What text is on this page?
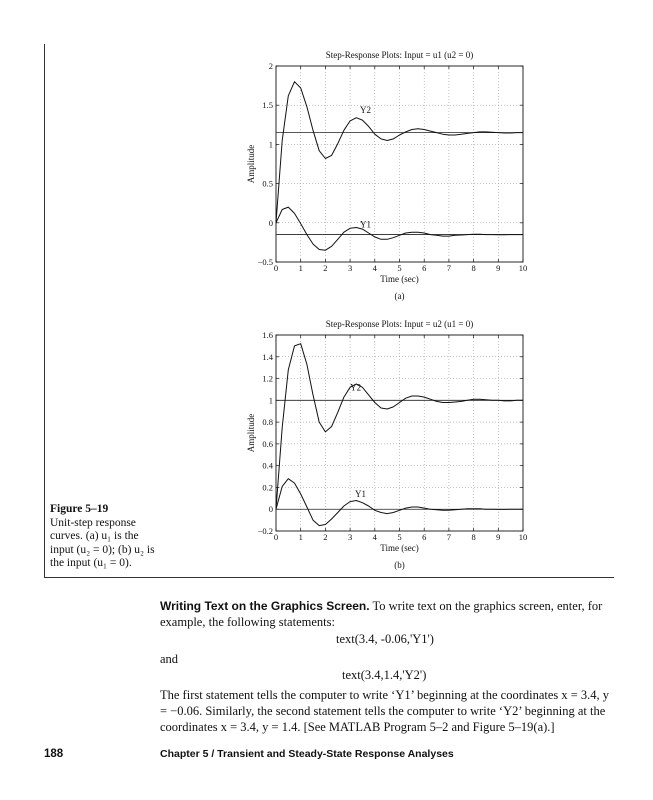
Figure 5–19
Unit-step response curves. (a) u₁ is the input (u₂ = 0); (b) u₂ is the input (u₁ = 0).
Step-Response Plots: Input = u1 (u2 = 0)
0 1 2 3 4 5 6 7 8 9 10
−0.5
0
0.5
1
1.5
2
Time (sec)
Amplitude
(a)
Y2
Y1
Step-Response Plots: Input = u2 (u1 = 0)
0 1 2 3 4 5 6 7 8 9 10
−0.2
0
0.2
0.4
0.6
0.8
1
1.2
1.4
1.6
Time (sec)
Amplitude
(b)
Y2
Y1
Writing Text on the Graphics Screen. To write text on the graphics screen, enter, for example, the following statements:
text(3.4, -0.06,'Y1')
and
text(3.4,1.4,'Y2')
The first statement tells the computer to write ‘Y1’ beginning at the coordinates x = 3.4, y = −0.06. Similarly, the second statement tells the computer to write ‘Y2’ beginning at the coordinates x = 3.4, y = 1.4. [See MATLAB Program 5–2 and Figure 5–19(a).]
188	Chapter 5 / Transient and Steady-State Response Analyses
